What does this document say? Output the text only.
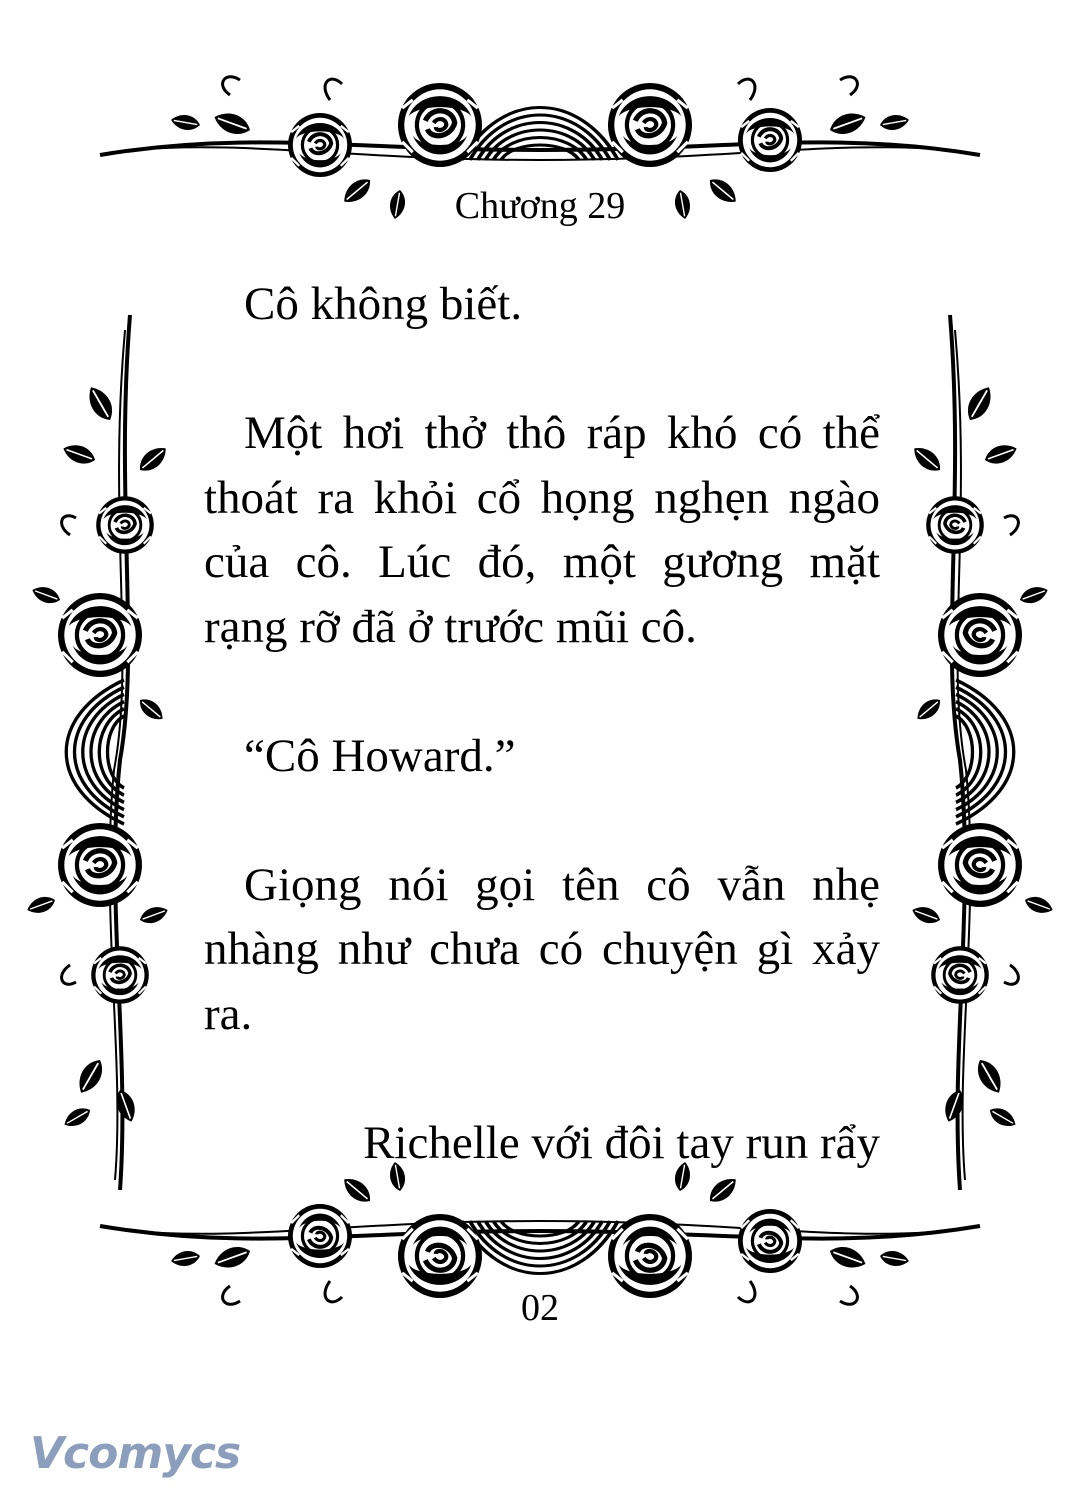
Chương 29

Cô không biết.

Một hơi thở thô ráp khó có thể thoát ra khỏi cổ họng nghẹn ngào của cô. Lúc đó, một gương mặt rạng rỡ đã ở trước mũi cô.

“Cô Howard.”

Giọng nói gọi tên cô vẫn nhẹ nhàng như chưa có chuyện gì xảy ra.

Richelle với đôi tay run rẩy

02
Vcomycs
